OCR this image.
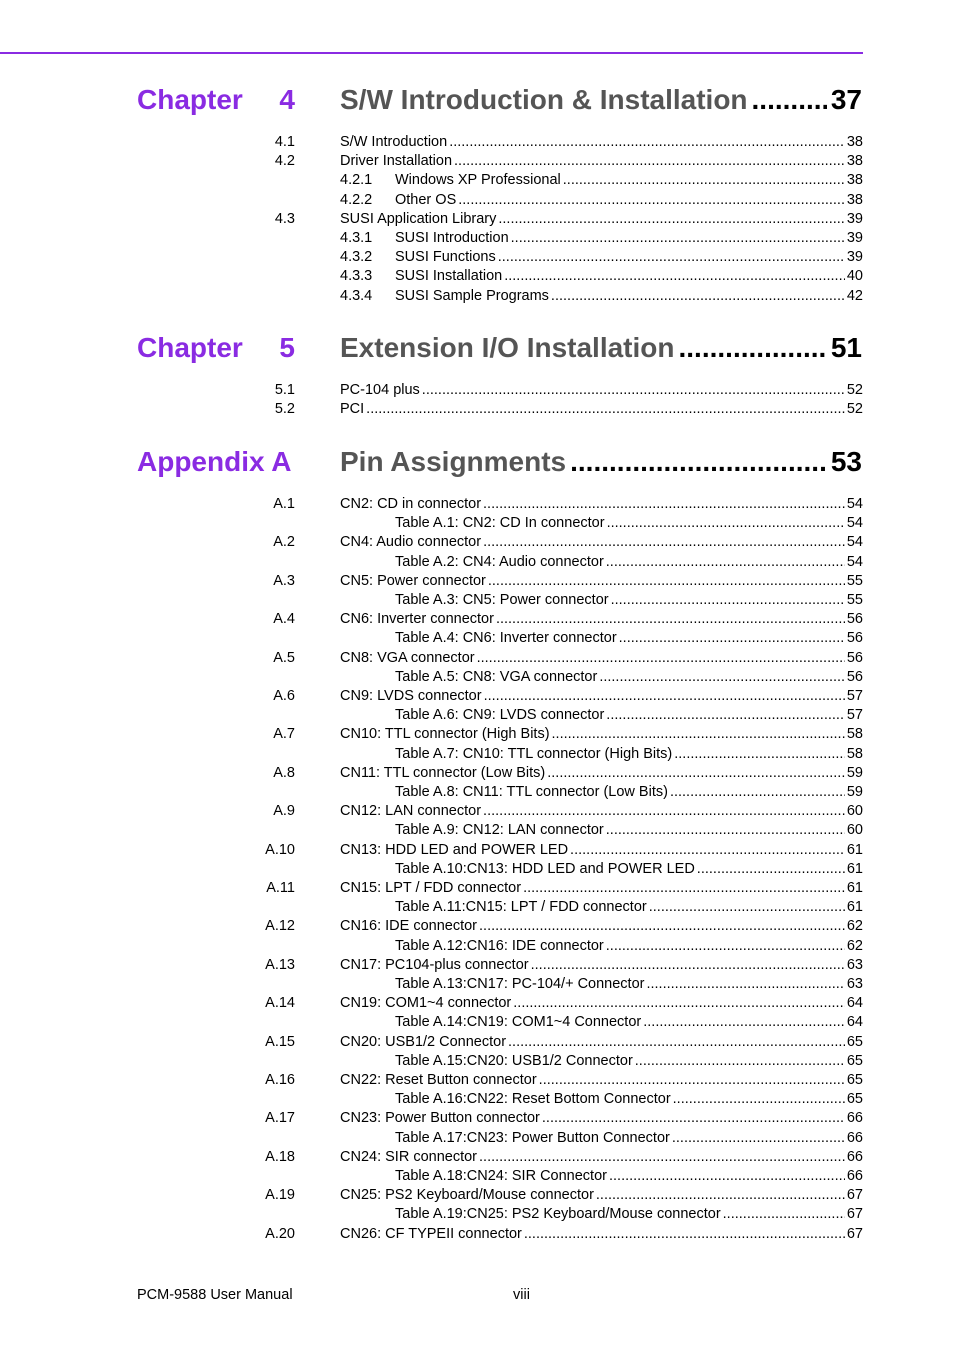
Chapter 4 S/W Introduction & Installation .....	37
4.1	S/W Introduction .....	38
4.2	Driver Installation .....	38
4.2.1 Windows XP Professional .....	38
4.2.2 Other OS .....	38
4.3	SUSI Application Library .....	39
4.3.1 SUSI Introduction .....	39
4.3.2 SUSI Functions .....	39
4.3.3 SUSI Installation .....	40
4.3.4 SUSI Sample Programs .....	42
Chapter 5 Extension I/O Installation .....	51
5.1	PC-104 plus .....	52
5.2	PCI .....	52
Appendix A Pin Assignments .....	53
A.1	CN2: CD in connector .....	54
Table A.1: CN2: CD In connector .....	54
A.2	CN4: Audio connector .....	54
Table A.2: CN4: Audio connector .....	54
A.3	CN5: Power connector .....	55
Table A.3: CN5: Power connector .....	55
A.4	CN6: Inverter connector .....	56
Table A.4: CN6: Inverter connector .....	56
A.5	CN8: VGA connector .....	56
Table A.5: CN8: VGA connector .....	56
A.6	CN9: LVDS connector .....	57
Table A.6: CN9: LVDS connector .....	57
A.7	CN10: TTL connector (High Bits) .....	58
Table A.7: CN10: TTL connector (High Bits) .....	58
A.8	CN11: TTL connector (Low Bits) .....	59
Table A.8: CN11: TTL connector (Low Bits) .....	59
A.9	CN12: LAN connector .....	60
Table A.9: CN12: LAN connector .....	60
A.10	CN13: HDD LED and POWER LED .....	61
Table A.10:CN13: HDD LED and POWER LED .....	61
A.11	CN15: LPT / FDD connector .....	61
Table A.11:CN15: LPT / FDD connector .....	61
A.12	CN16: IDE connector .....	62
Table A.12:CN16: IDE connector .....	62
A.13	CN17: PC104-plus connector .....	63
Table A.13:CN17: PC-104/+ Connector .....	63
A.14	CN19: COM1~4 connector .....	64
Table A.14:CN19: COM1~4 Connector .....	64
A.15	CN20: USB1/2 Connector .....	65
Table A.15:CN20: USB1/2 Connector .....	65
A.16	CN22: Reset Button connector .....	65
Table A.16:CN22: Reset Bottom Connector .....	65
A.17	CN23: Power Button connector .....	66
Table A.17:CN23: Power Button Connector .....	66
A.18	CN24: SIR connector .....	66
Table A.18:CN24: SIR Connector .....	66
A.19	CN25: PS2 Keyboard/Mouse connector .....	67
Table A.19:CN25: PS2 Keyboard/Mouse connector .....	67
A.20	CN26: CF TYPEII connector .....	67
PCM-9588 User Manual	viii
